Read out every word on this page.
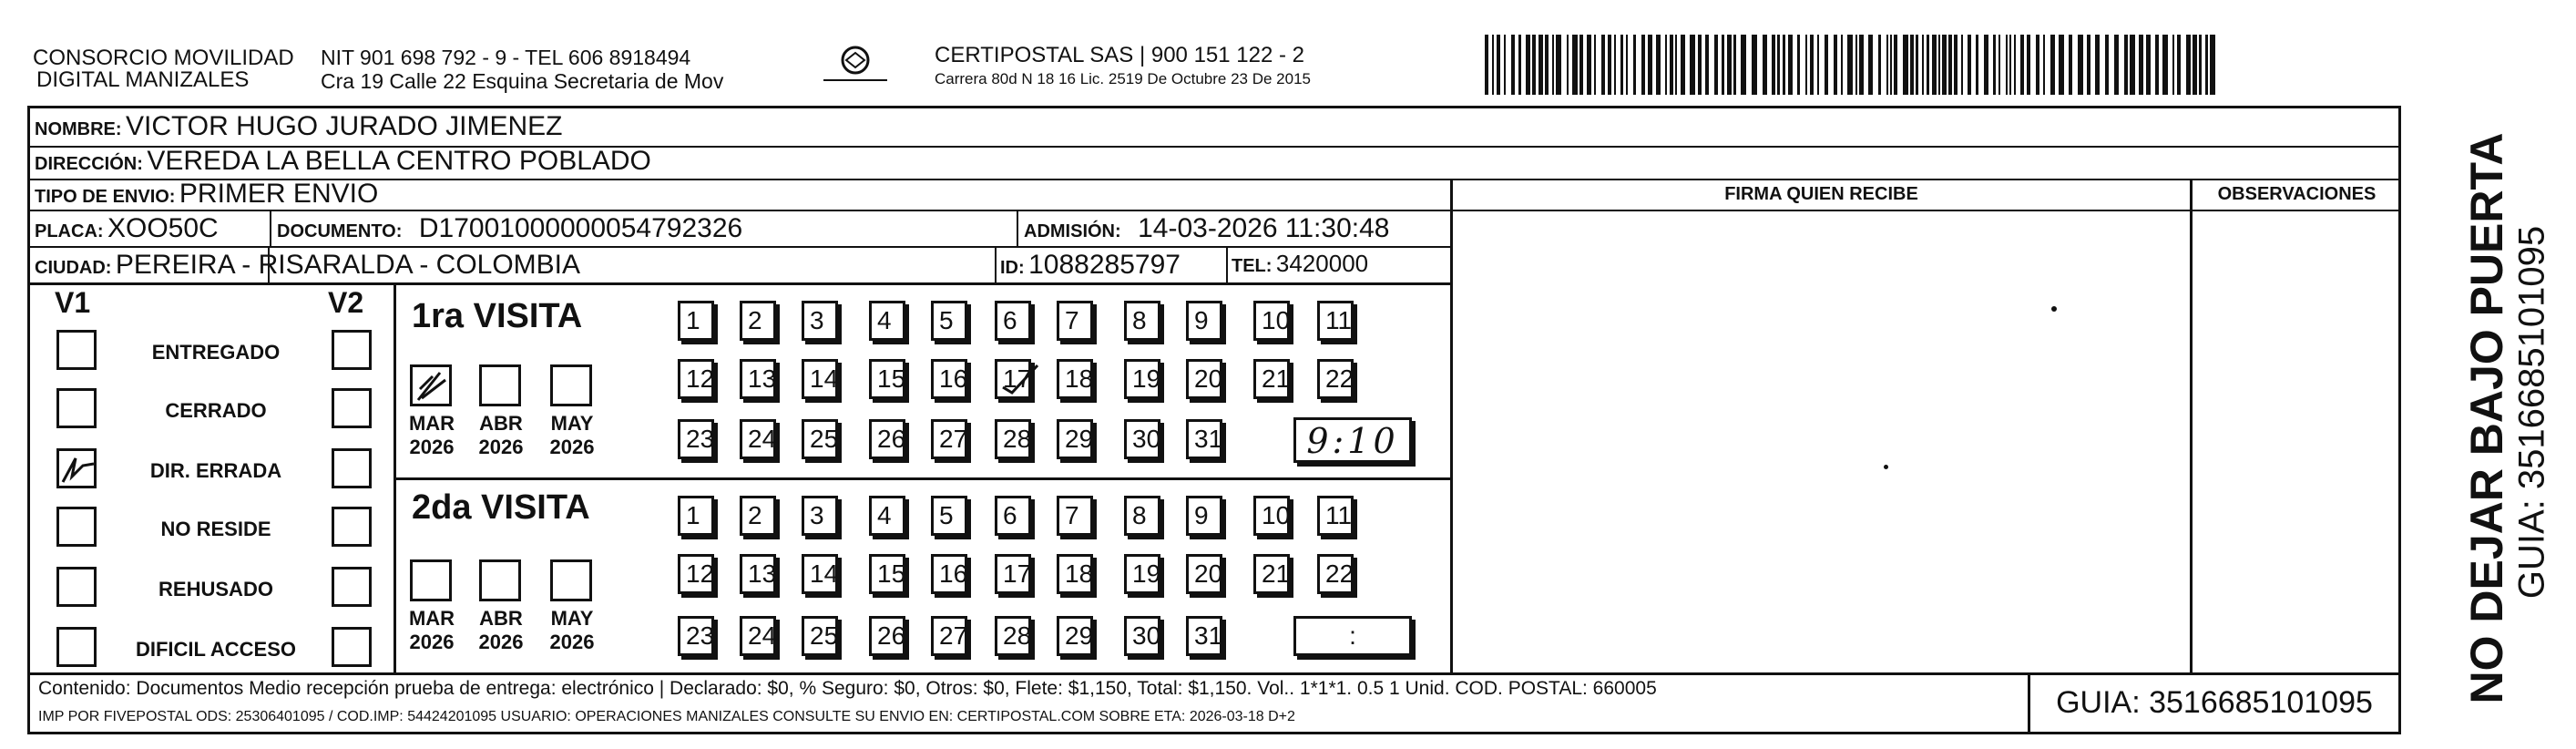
CONSORCIO MOVILIDAD
DIGITAL MANIZALES
NIT 901 698 792 - 9 - TEL 606 8918494
Cra 19 Calle 22 Esquina Secretaria de Mov
CERTIPOSTAL SAS | 900 151 122 - 2
Carrera 80d N 18 16 Lic. 2519 De Octubre 23 De 2015
NOMBRE: VICTOR HUGO JURADO JIMENEZ
DIRECCIÓN: VEREDA LA BELLA CENTRO POBLADO
TIPO DE ENVIO: PRIMER ENVIO
PLACA: XOO50C	DOCUMENTO: D17001000000054792326	ADMISIÓN: 14-03-2026 11:30:48
CIUDAD: PEREIRA - RISARALDA - COLOMBIA	ID: 1088285797	TEL: 3420000
FIRMA QUIEN RECIBE	OBSERVACIONES
V1	V2
ENTREGADO
CERRADO
DIR. ERRADA
NO RESIDE
REHUSADO
DIFICIL ACCESO
1ra VISITA
MAR
2026
ABR
2026
MAY
2026
1	2	3	4	5	6	7	8	9	10	11
12	13	14	15	16	17	18	19	20	21	22
23	24	25	26	27	28	29	30	31
2da VISITA
MAR
2026
ABR
2026
MAY
2026
1	2	3	4	5	6	7	8	9	10	11
12	13	14	15	16	17	18	19	20	21	22
23	24	25	26	27	28	29	30	31
9:10
:
Contenido: Documentos Medio recepción prueba de entrega: electrónico | Declarado: $0, % Seguro: $0, Otros: $0, Flete: $1,150, Total: $1,150. Vol.. 1*1*1. 0.5 1 Unid. COD. POSTAL: 660005
IMP POR FIVEPOSTAL ODS: 25306401095 / COD.IMP: 54424201095 USUARIO: OPERACIONES MANIZALES CONSULTE SU ENVIO EN: CERTIPOSTAL.COM SOBRE ETA: 2026-03-18 D+2	GUIA: 3516685101095	NO DEJAR BAJO PUERTA GUIA: 3516685101095
